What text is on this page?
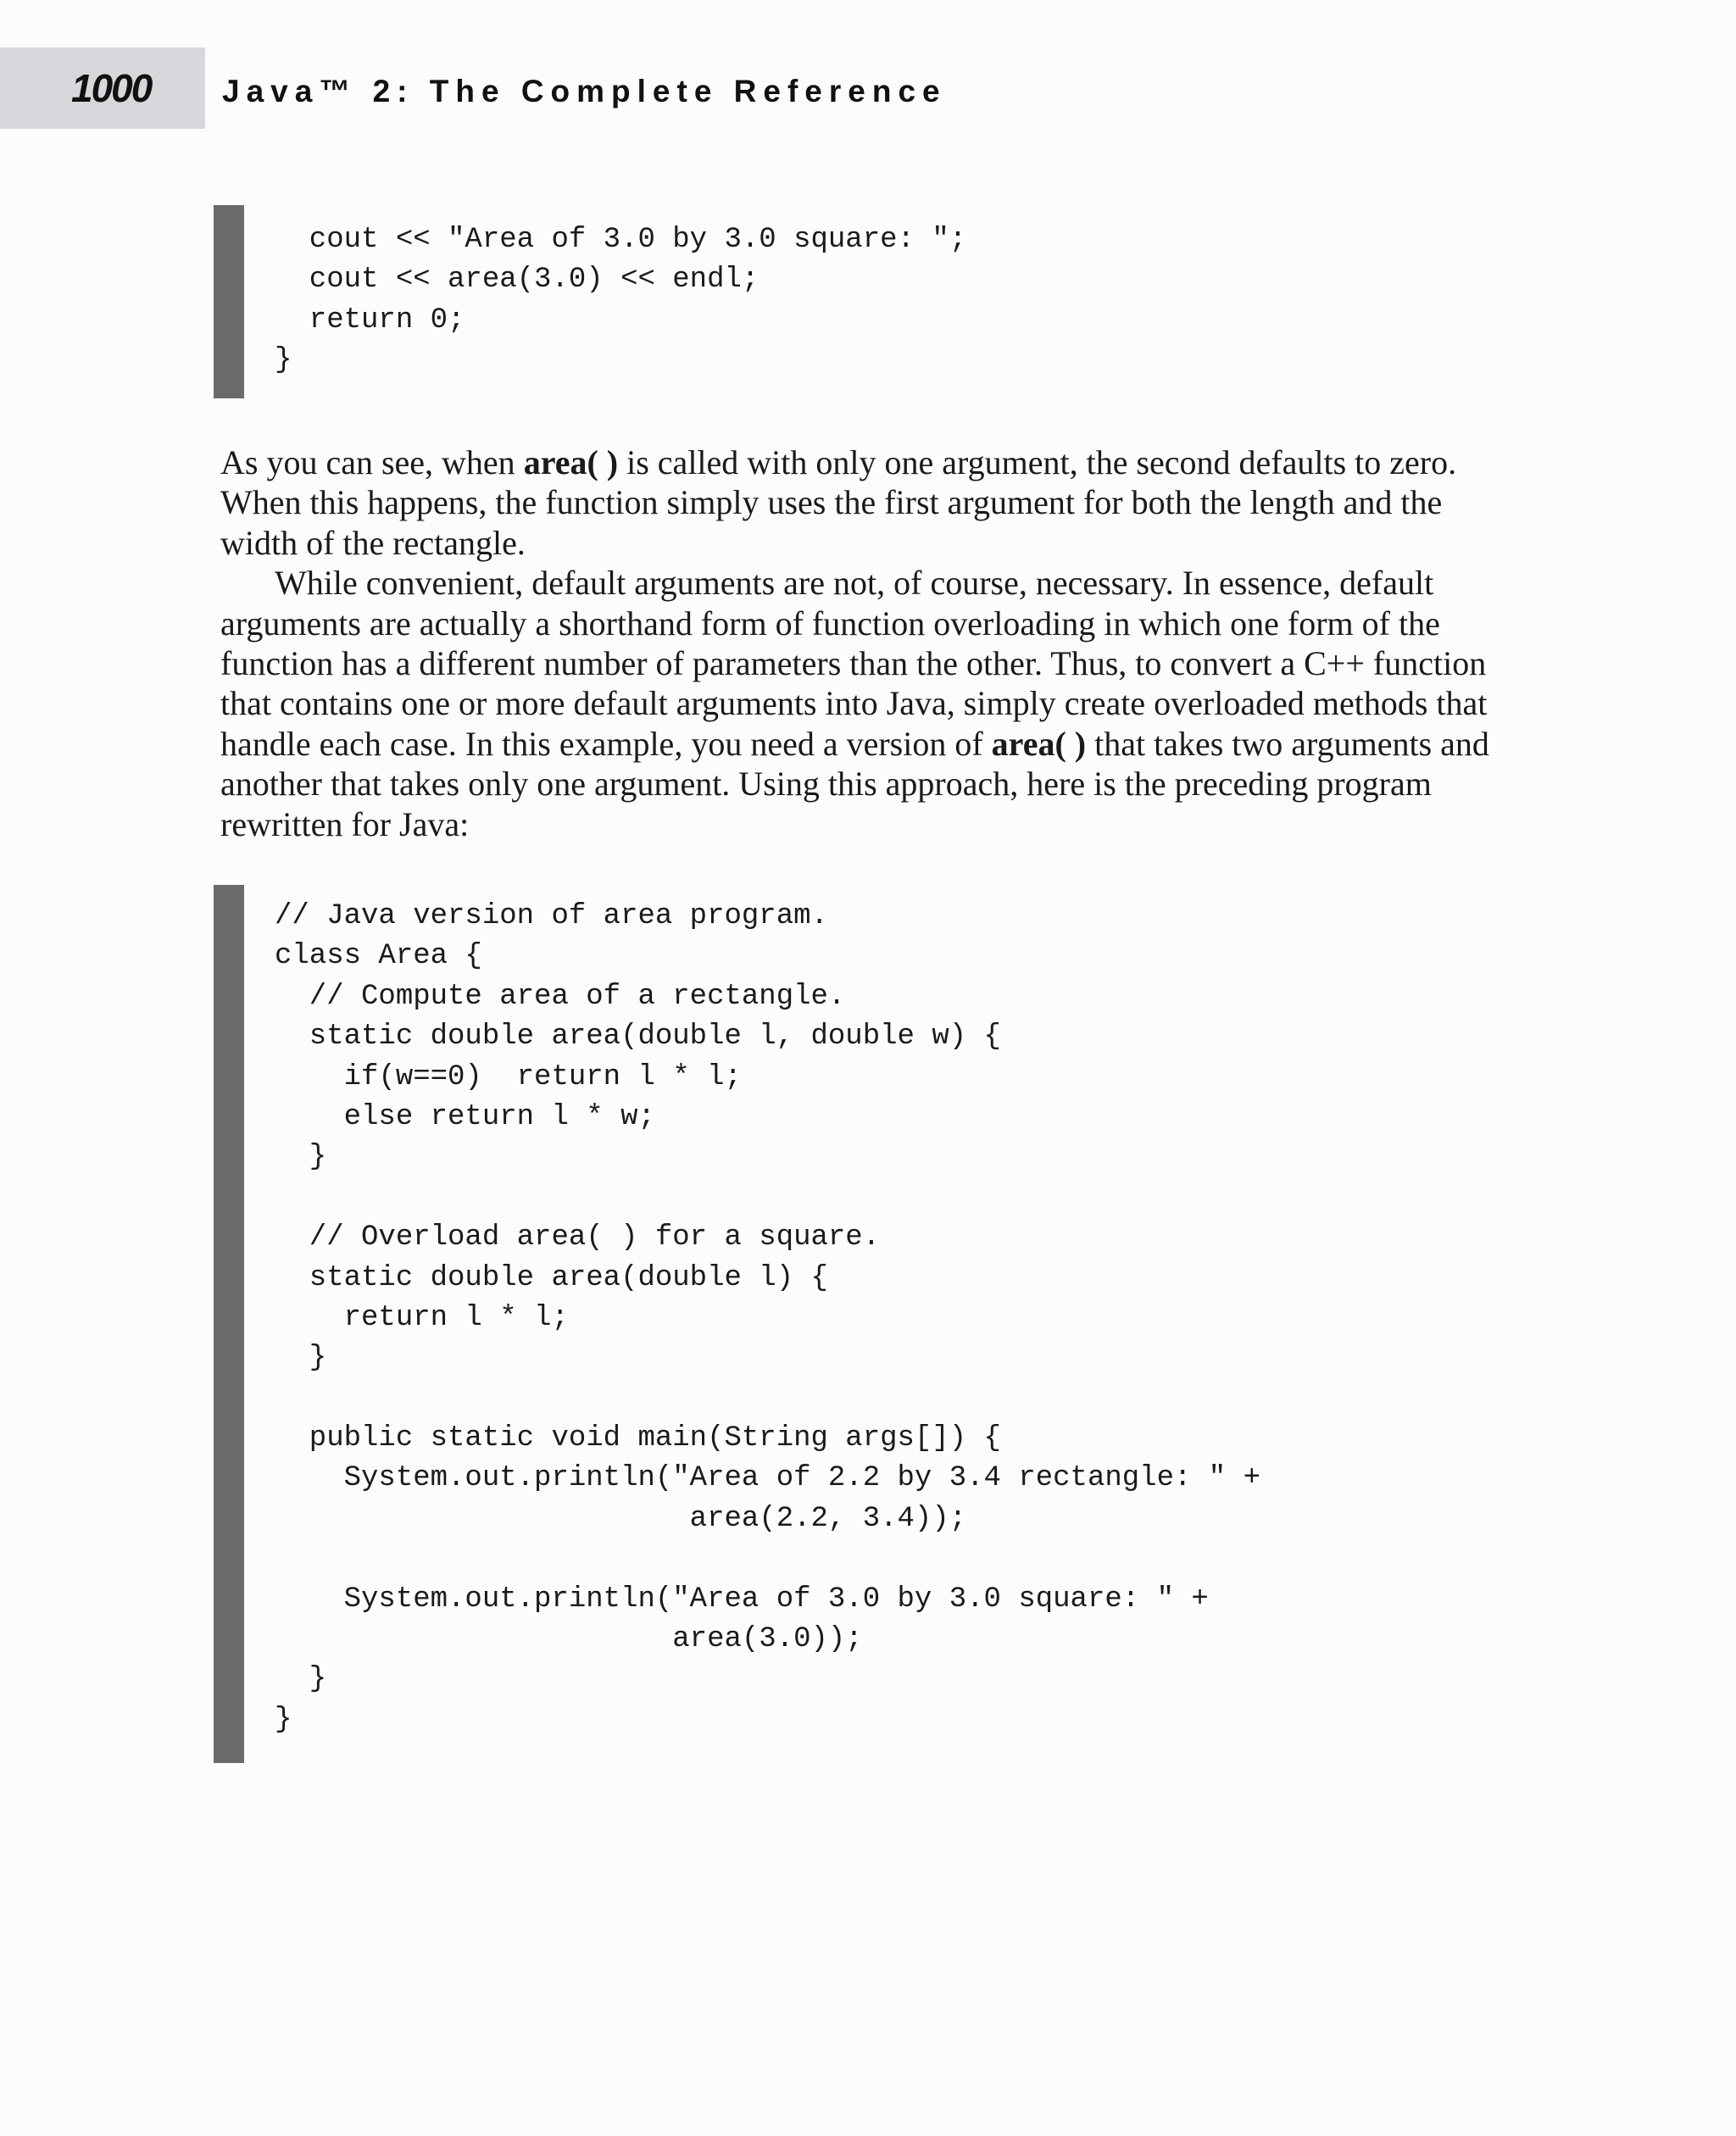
1000 Java™ 2: The Complete Reference
cout << "Area of 3.0 by 3.0 square: ";
cout << area(3.0) << endl;
return 0;
}

As you can see, when area( ) is called with only one argument, the second defaults to zero. When this happens, the function simply uses the first argument for both the length and the width of the rectangle.

While convenient, default arguments are not, of course, necessary. In essence, default arguments are actually a shorthand form of function overloading in which one form of the function has a different number of parameters than the other. Thus, to convert a C++ function that contains one or more default arguments into Java, simply create overloaded methods that handle each case. In this example, you need a version of area( ) that takes two arguments and another that takes only one argument. Using this approach, here is the preceding program rewritten for Java:

// Java version of area program.
class Area {
// Compute area of a rectangle.
static double area(double l, double w) {
if(w==0)  return l * l;
else return l * w;
}
// Overload area( ) for a square.
static double area(double l) {
return l * l;
}
public static void main(String args[]) {
System.out.println("Area of 2.2 by 3.4 rectangle: " +
area(2.2, 3.4));
System.out.println("Area of 3.0 by 3.0 square: " +
area(3.0));
}
}
